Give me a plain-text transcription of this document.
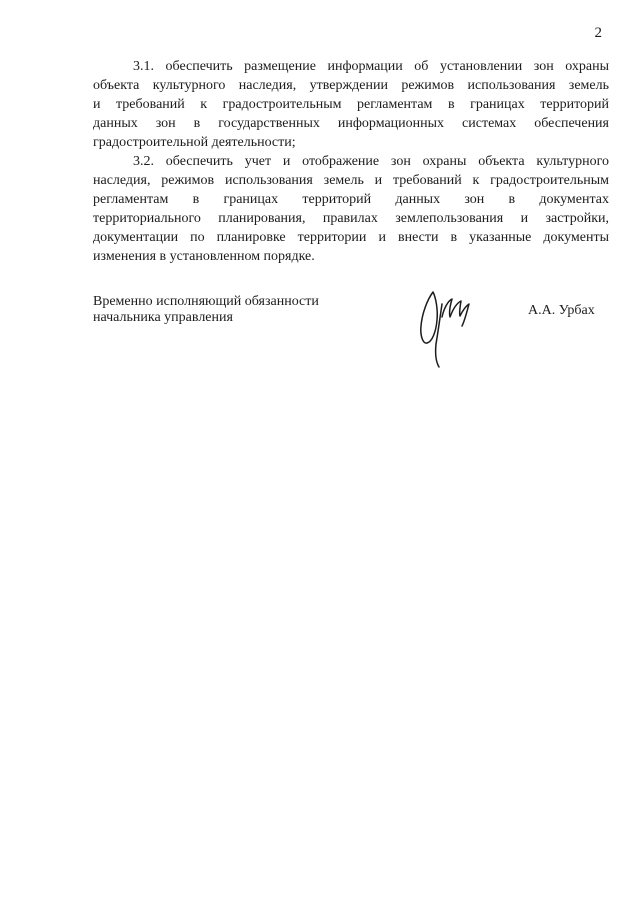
2
3.1. обеспечить размещение информации об установлении зон охраны
объекта культурного наследия, утверждении режимов использования земель
и требований к градостроительным регламентам в границах территорий
данных зон в государственных информационных системах обеспечения
градостроительной деятельности;
3.2. обеспечить учет и отображение зон охраны объекта культурного
наследия, режимов использования земель и требований к градостроительным
регламентам в границах территорий данных зон в документах
территориального планирования, правилах землепользования и застройки,
документации по планировке территории и внести в указанные документы
изменения в установленном порядке.
Временно исполняющий обязанности
начальника управления	А.А. Урбах
